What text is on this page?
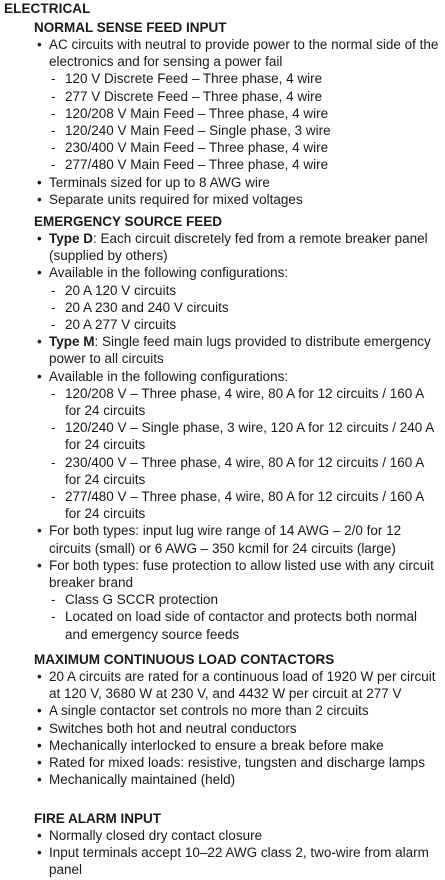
ELECTRICAL

NORMAL SENSE FEED INPUT

• AC circuits with neutral to provide power to the normal side of the electronics and for sensing a power fail
- 120 V Discrete Feed – Three phase, 4 wire
- 277 V Discrete Feed – Three phase, 4 wire
- 120/208 V Main Feed – Three phase, 4 wire
- 120/240 V Main Feed – Single phase, 3 wire
- 230/400 V Main Feed – Three phase, 4 wire
- 277/480 V Main Feed – Three phase, 4 wire
• Terminals sized for up to 8 AWG wire
• Separate units required for mixed voltages

EMERGENCY SOURCE FEED

• Type D: Each circuit discretely fed from a remote breaker panel (supplied by others)
• Available in the following configurations:
- 20 A 120 V circuits
- 20 A 230 and 240 V circuits
- 20 A 277 V circuits
• Type M: Single feed main lugs provided to distribute emergency power to all circuits
• Available in the following configurations:
- 120/208 V – Three phase, 4 wire, 80 A for 12 circuits / 160 A for 24 circuits
- 120/240 V – Single phase, 3 wire, 120 A for 12 circuits / 240 A for 24 circuits
- 230/400 V – Three phase, 4 wire, 80 A for 12 circuits / 160 A for 24 circuits
- 277/480 V – Three phase, 4 wire, 80 A for 12 circuits / 160 A for 24 circuits
• For both types: input lug wire range of 14 AWG – 2/0 for 12 circuits (small) or 6 AWG – 350 kcmil for 24 circuits (large)
• For both types: fuse protection to allow listed use with any circuit breaker brand
- Class G SCCR protection
- Located on load side of contactor and protects both normal and emergency source feeds

MAXIMUM CONTINUOUS LOAD CONTACTORS

• 20 A circuits are rated for a continuous load of 1920 W per circuit at 120 V, 3680 W at 230 V, and 4432 W per circuit at 277 V
• A single contactor set controls no more than 2 circuits
• Switches both hot and neutral conductors
• Mechanically interlocked to ensure a break before make
• Rated for mixed loads: resistive, tungsten and discharge lamps
• Mechanically maintained (held)

FIRE ALARM INPUT

• Normally closed dry contact closure
• Input terminals accept 10–22 AWG class 2, two-wire from alarm panel
